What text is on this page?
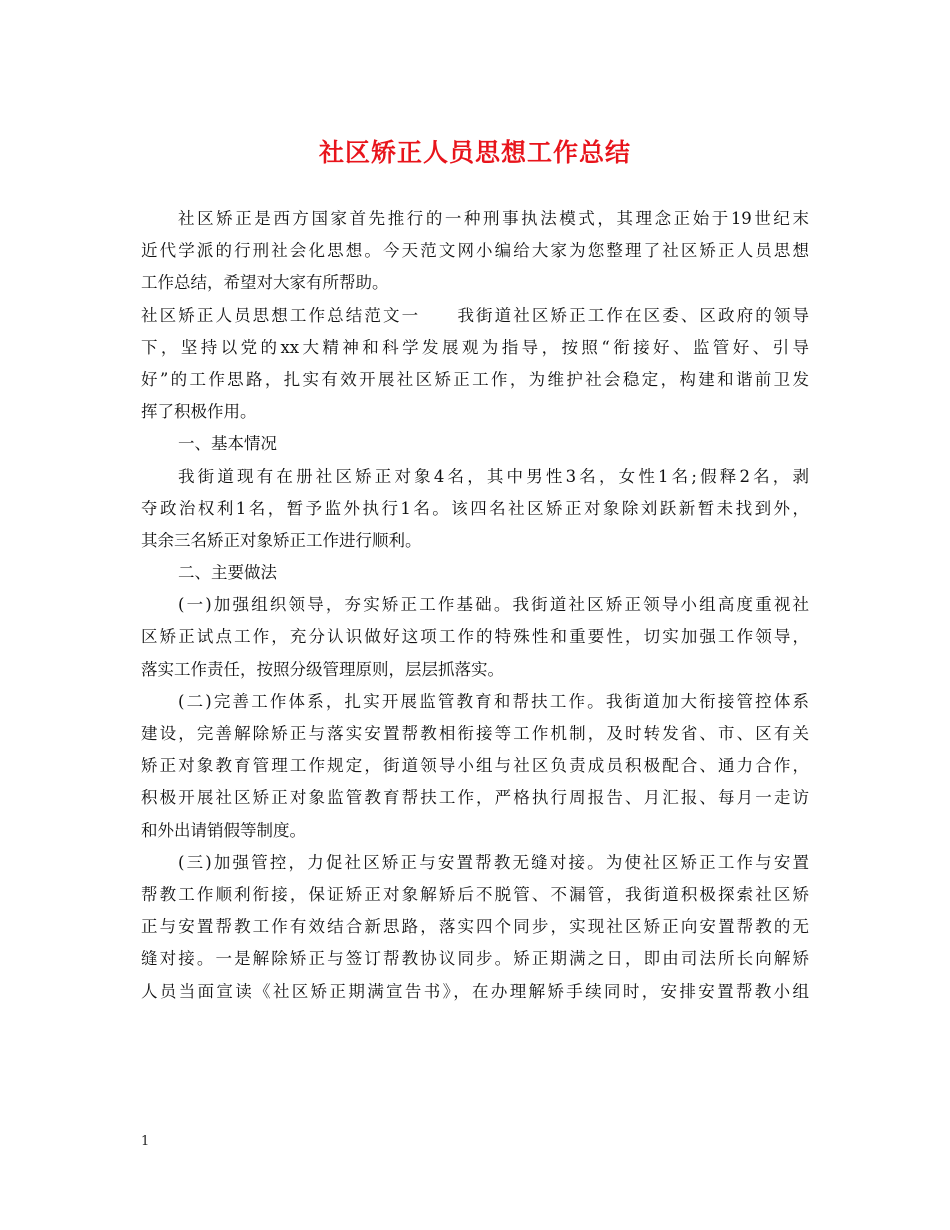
社区矫正人员思想工作总结
社区矫正是西方国家首先推行的一种刑事执法模式，其理念正始于19世纪末
近代学派的行刑社会化思想。今天范文网小编给大家为您整理了社区矫正人员思想
工作总结，希望对大家有所帮助。
社区矫正人员思想工作总结范文一　　我街道社区矫正工作在区委、区政府的领导
下，坚持以党的xx大精神和科学发展观为指导，按照“衔接好、监管好、引导
好”的工作思路，扎实有效开展社区矫正工作，为维护社会稳定，构建和谐前卫发
挥了积极作用。
一、基本情况
我街道现有在册社区矫正对象4名，其中男性3名，女性1名;假释2名，剥
夺政治权利1名，暂予监外执行1名。该四名社区矫正对象除刘跃新暂未找到外，
其余三名矫正对象矫正工作进行顺利。
二、主要做法
(一)加强组织领导，夯实矫正工作基础。我街道社区矫正领导小组高度重视社
区矫正试点工作，充分认识做好这项工作的特殊性和重要性，切实加强工作领导，
落实工作责任，按照分级管理原则，层层抓落实。
(二)完善工作体系，扎实开展监管教育和帮扶工作。我街道加大衔接管控体系
建设，完善解除矫正与落实安置帮教相衔接等工作机制，及时转发省、市、区有关
矫正对象教育管理工作规定，街道领导小组与社区负责成员积极配合、通力合作，
积极开展社区矫正对象监管教育帮扶工作，严格执行周报告、月汇报、每月一走访
和外出请销假等制度。
(三)加强管控，力促社区矫正与安置帮教无缝对接。为使社区矫正工作与安置
帮教工作顺利衔接，保证矫正对象解矫后不脱管、不漏管，我街道积极探索社区矫
正与安置帮教工作有效结合新思路，落实四个同步，实现社区矫正向安置帮教的无
缝对接。一是解除矫正与签订帮教协议同步。矫正期满之日，即由司法所长向解矫
人员当面宣读《社区矫正期满宣告书》，在办理解矫手续同时，安排安置帮教小组
1
